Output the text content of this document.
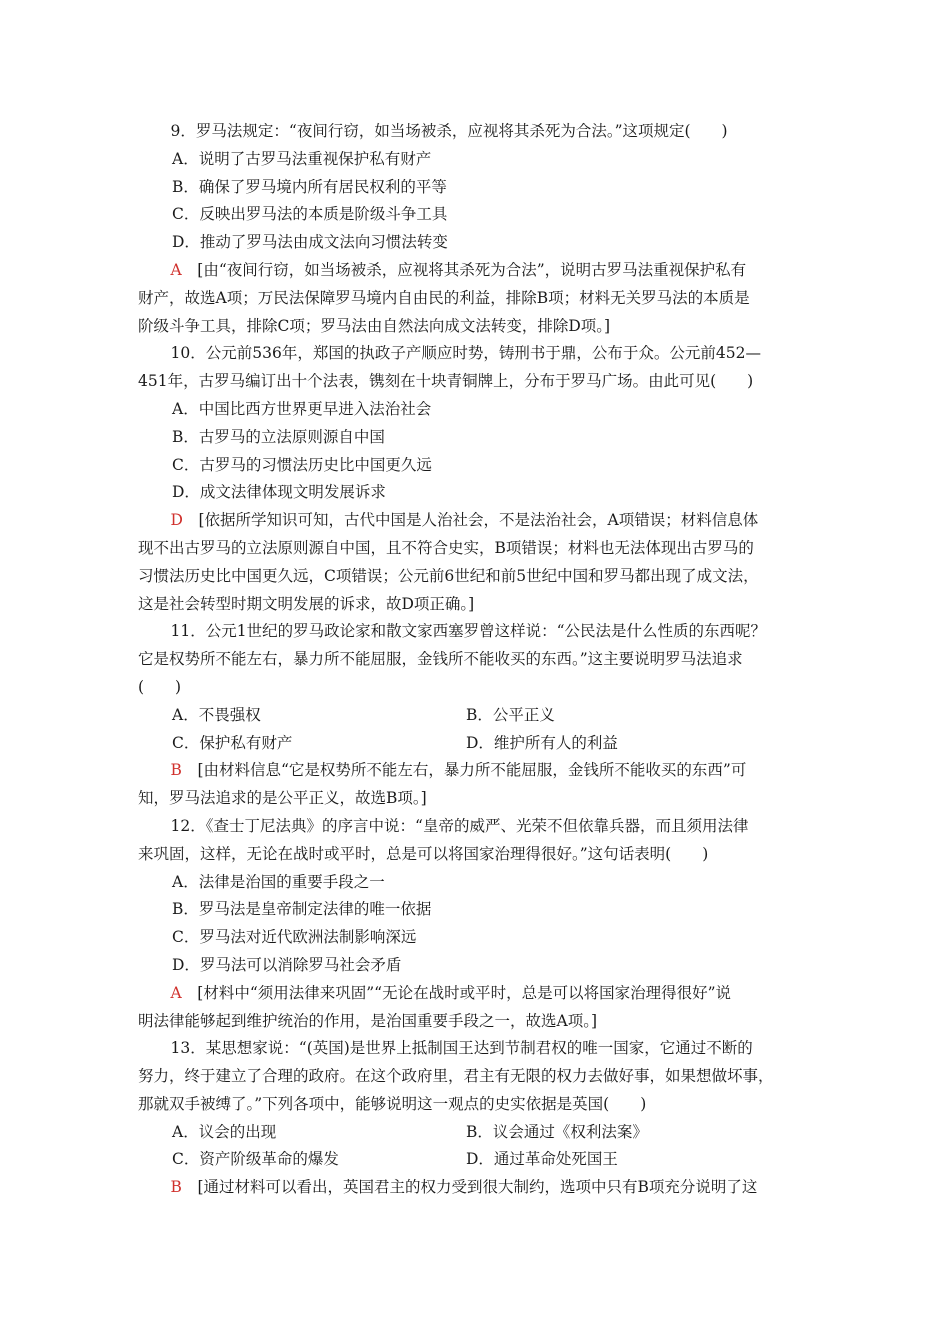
9．罗马法规定：“夜间行窃，如当场被杀，应视将其杀死为合法。”这项规定(　　)
A．说明了古罗马法重视保护私有财产
B．确保了罗马境内所有居民权利的平等
C．反映出罗马法的本质是阶级斗争工具
D．推动了罗马法由成文法向习惯法转变
A　 [由“夜间行窃，如当场被杀，应视将其杀死为合法”，说明古罗马法重视保护私有
财产，故选A项；万民法保障罗马境内自由民的利益，排除B项；材料无关罗马法的本质是
阶级斗争工具，排除C项；罗马法由自然法向成文法转变，排除D项。]
10．公元前536年，郑国的执政子产顺应时势，铸刑书于鼎，公布于众。公元前452—
451年，古罗马编订出十个法表，镌刻在十块青铜牌上，分布于罗马广场。由此可见(　　)
A．中国比西方世界更早进入法治社会
B．古罗马的立法原则源自中国
C．古罗马的习惯法历史比中国更久远
D．成文法律体现文明发展诉求
D　 [依据所学知识可知，古代中国是人治社会，不是法治社会，A项错误；材料信息体
现不出古罗马的立法原则源自中国，且不符合史实，B项错误；材料也无法体现出古罗马的
习惯法历史比中国更久远，C项错误；公元前6世纪和前5世纪中国和罗马都出现了成文法，
这是社会转型时期文明发展的诉求，故D项正确。]
11．公元1世纪的罗马政论家和散文家西塞罗曾这样说：“公民法是什么性质的东西呢？
它是权势所不能左右，暴力所不能屈服，金钱所不能收买的东西。”这主要说明罗马法追求
(　　)
A．不畏强权	B．公平正义
C．保护私有财产	D．维护所有人的利益
B　 [由材料信息“它是权势所不能左右，暴力所不能屈服，金钱所不能收买的东西”可
知，罗马法追求的是公平正义，故选B项。]
12．《查士丁尼法典》的序言中说：“皇帝的威严、光荣不但依靠兵器，而且须用法律
来巩固，这样，无论在战时或平时，总是可以将国家治理得很好。”这句话表明(　　)
A．法律是治国的重要手段之一
B．罗马法是皇帝制定法律的唯一依据
C．罗马法对近代欧洲法制影响深远
D．罗马法可以消除罗马社会矛盾
A　 [材料中“须用法律来巩固”“无论在战时或平时，总是可以将国家治理得很好”说
明法律能够起到维护统治的作用，是治国重要手段之一，故选A项。]
13．某思想家说：“(英国)是世界上抵制国王达到节制君权的唯一国家，它通过不断的
努力，终于建立了合理的政府。在这个政府里，君主有无限的权力去做好事，如果想做坏事，
那就双手被缚了。”下列各项中，能够说明这一观点的史实依据是英国(　　)
A．议会的出现	B．议会通过《权利法案》
C．资产阶级革命的爆发	D．通过革命处死国王
B　 [通过材料可以看出，英国君主的权力受到很大制约，选项中只有B项充分说明了这
